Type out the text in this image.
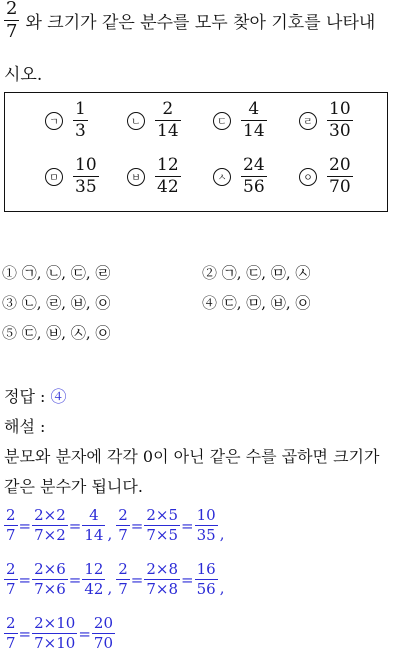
$\frac{2}{7}$ 와 크기가 같은 분수를 모두 찾아 기호를 나타내
시오.
ㄱ $\frac{1}{3}$	ㄴ $\frac{2}{14}$	ㄷ $\frac{4}{14}$	ㄹ $\frac{10}{30}$
ㅁ $\frac{10}{35}$	ㅂ $\frac{12}{42}$	ㅅ $\frac{24}{56}$	ㅇ $\frac{20}{70}$
① ㉠, ㉡, ㉢, ㉣	② ㉠, ㉢, ㉤, ㉦
③ ㉡, ㉣, ㉥, ㉧	④ ㉢, ㉤, ㉥, ㉧
⑤ ㉢, ㉥, ㉦, ㉧
정답 : ④
해설 :
분모와 분자에 각각 0이 아닌 같은 수를 곱하면 크기가
같은 분수가 됩니다.
$\frac{2}{7} = \frac{2\times 2}{7\times 2} = \frac{4}{14}$ , $\frac{2}{7} = \frac{2\times 5}{7\times 5} = \frac{10}{35}$ ,
$\frac{2}{7} = \frac{2\times 6}{7\times 6} = \frac{12}{42}$ , $\frac{2}{7} = \frac{2\times 8}{7\times 8} = \frac{16}{56}$ ,
$\frac{2}{7} = \frac{2\times 10}{7\times 10} = \frac{20}{70}$
